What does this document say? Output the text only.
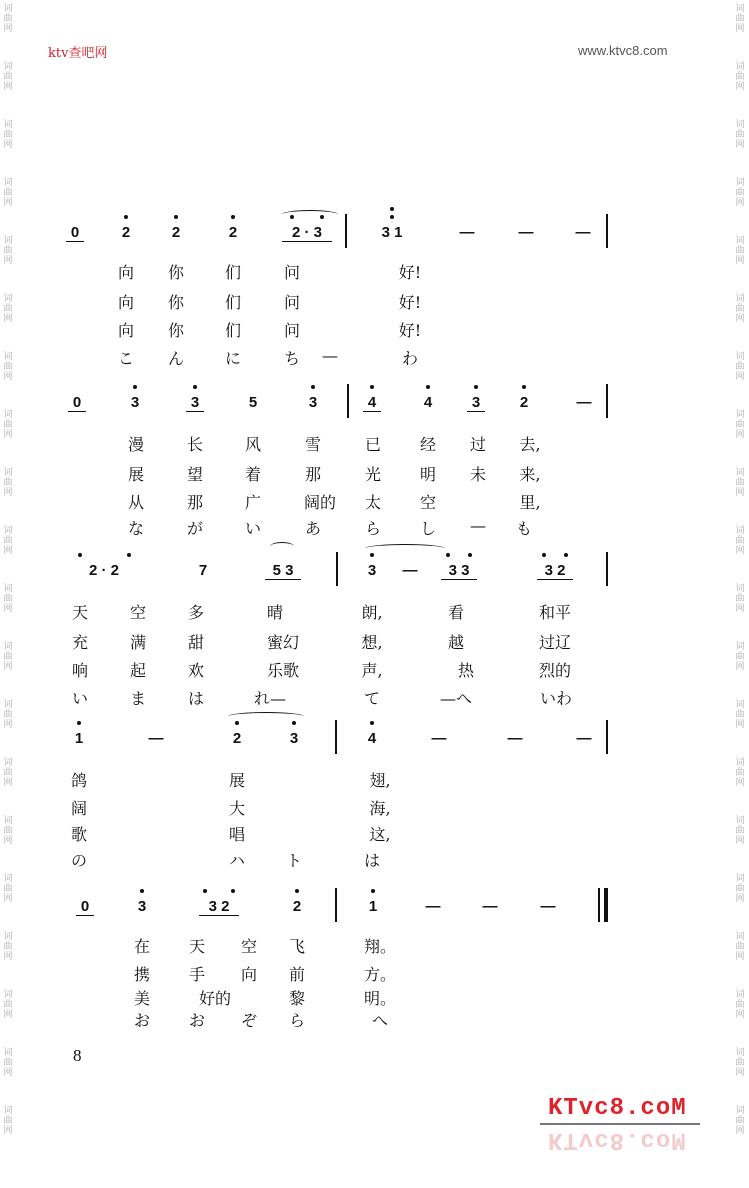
ktv查吧网	www.ktvc8.com
词
曲
网
词
曲
网
词
曲
网
词
曲
网
词
曲
网
词
曲
网
词
曲
网
词
曲
网
词
曲
网
词
曲
网
词
曲
网
词
曲
网
词
曲
网
词
曲
网
词
曲
网
词
曲
网
词
曲
网
词
曲
网
词
曲
网
词
曲
网
词
曲
网
词
曲
网
词
曲
网
词
曲
网
词
曲
网
词
曲
网
词
曲
网
词
曲
网
词
曲
网
词
曲
网
词
曲
网
词
曲
网
词
曲
网
词
曲
网
词
曲
网
词
曲
网
词
曲
网
词
曲
网
词
曲
网
词
曲
网
0	2	2	2	2 · 3	3 1	—	—	—
向 你	们	问	好!
向 你	们	问	好!
向 你	们	问	好!
こ ん	に	ち —	わ
0	3	3	5	3	4	4	3	2	—
漫	长	风	雪	已 经 过 去,
展	望	着	那	光 明 未 来,
从	那	广	阔的 太 空	里,
な	が	い	あ	ら し — も
2 · 2	7	5 3	3	—	3 3	3 2
天	空	多	晴	朗,	看	和平
充	满	甜	蜜幻	想,	越	过辽
响	起	欢	乐歌	声,	热	烈的
い	ま	は	れ—	て	—へ	いわ
1	—	2	3	4	—	—	—
鸽	展	翅,
阔	大	海,
歌	唱	这,
の	ハ	ト	は
0	3	3 2	2	1	—	—	—
在 天 空 飞	翔。
携 手 向 前	方。
美	好的	黎	明。
お お ぞ ら	へ
8
KTvc8.coM
KTvc8.coM
